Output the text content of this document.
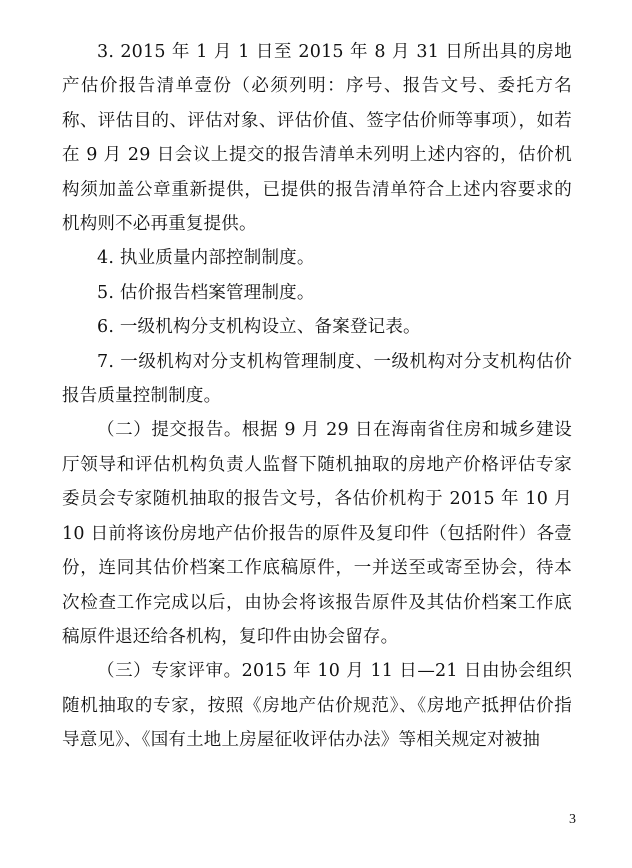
3. 2015 年 1 月 1 日至 2015 年 8 月 31 日所出具的房地产估价报告清单壹份（必须列明：序号、报告文号、委托方名称、评估目的、评估对象、评估价值、签字估价师等事项），如若在 9 月 29 日会议上提交的报告清单未列明上述内容的，估价机构须加盖公章重新提供，已提供的报告清单符合上述内容要求的机构则不必再重复提供。

4. 执业质量内部控制制度。

5. 估价报告档案管理制度。

6. 一级机构分支机构设立、备案登记表。

7. 一级机构对分支机构管理制度、一级机构对分支机构估价报告质量控制制度。

（二）提交报告。根据 9 月 29 日在海南省住房和城乡建设厅领导和评估机构负责人监督下随机抽取的房地产价格评估专家委员会专家随机抽取的报告文号，各估价机构于 2015 年 10 月 10 日前将该份房地产估价报告的原件及复印件（包括附件）各壹份，连同其估价档案工作底稿原件，一并送至或寄至协会，待本次检查工作完成以后，由协会将该报告原件及其估价档案工作底稿原件退还给各机构，复印件由协会留存。

（三）专家评审。2015 年 10 月 11 日—21 日由协会组织随机抽取的专家，按照《房地产估价规范》、《房地产抵押估价指导意见》、《国有土地上房屋征收评估办法》等相关规定对被抽

3
